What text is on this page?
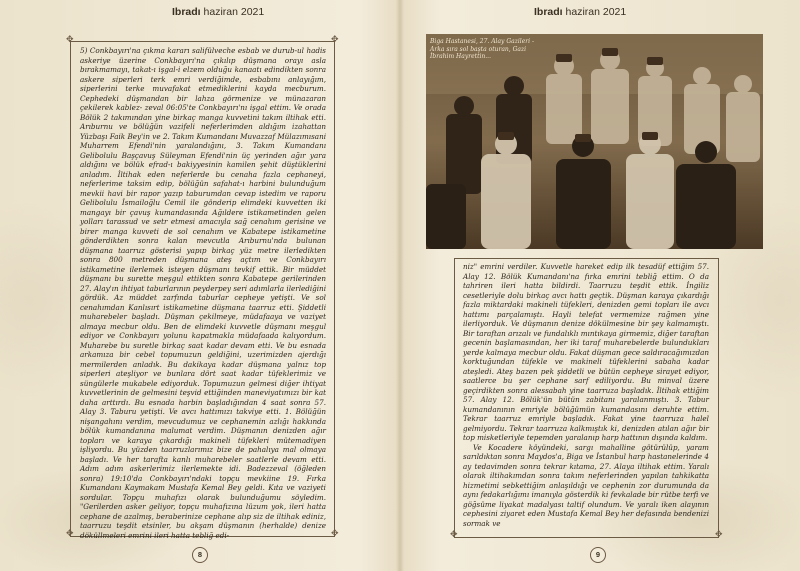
Ibradı haziran 2021	Ibradı haziran 2021
✥	✥
✥	✥

5) Conkbayırı'na çıkma kararı salifülveche esbab ve durub-ul hadis askeriye üzerine Conkbayırı'na çıkılıp düşmana orayı asla bırakmamayı, takat-ı işgal-i elzem olduğu kanaatı edindikten sonra askere siperleri terk emri verdiğimde, esbabını anlayığım, siperlerini terke muvafakat etmediklerini kayda mecburum. Cephedeki düşmandan bir lahza görmenize ve münazaran çekilerek kablez- zeval 06:05'te Conkbayırı'nı işgal ettim. Ve orada Bölük 2 takımından yine birkaç manga kuvvetini takım iltihak etti. Arıburnu ve bölüğün vazifeli neferlerimden aldığım izahattan Yüzbaşı Faik Bey'in ve 2. Takım Kumandanı Muvazzaf Mülazımısani Muharrem Efendi'nin yaralandığını, 3. Takım Kumandanı Gelibolulu Başçavuş Süleyman Efendi'nin üç yerinden ağır yara aldığını ve bölük efrad-ı bakiyyesinin kamilen şehit düştüklerini anladım. İltihak eden neferlerde bu cenaha fazla cephaneyi, neferlerime taksim edip, bölüğün safahat-ı harbini bulunduğum mevkii havi bir rapor yazıp taburumdan cevap istedim ve raporu Gelibolulu İsmailoğlu Cemil ile gönderip elimdeki kuvvetten iki mangayı bir çavuş kumandasında Ağıldere istikametinden gelen yolları tarassud ve setr etmesi amacıyla sağ cenahım gerisine ve birer manga kuvveti de sol cenahım ve Kabatepe istikametine gönderdikten sonra kalan mevcutla Arıburnu'nda bulunan düşmana taarruz gösterisi yapıp birkaç yüz metre ilerledikten sonra 800 metreden düşmana ateş açtım ve Conkbayırı istikametine ilerlemek isteyen düşmanı tevkif ettik. Bir müddet düşmanı bu surette meşgul ettikten sonra Kabatepe gerilerinden 27. Alay'ın ihtiyat taburlarının peyderpey seri adımlarla ilerlediğini gördük. Az müddet zarfında taburlar cepheye yetişti. Ve sol cenahımdan Kanlısırt istikametine düşmana taarruz etti. Şiddetli muharebeler başladı. Düşman çekilmeye, müdafaaya ve vaziyet almaya mecbur oldu. Ben de elimdeki kuvvetle düşmanı meşgul ediyor ve Conkbayırı yolunu kapatmakla müdafaada kalıyordum. Muharebe bu suretle birkaç saat kadar devam etti. Ve bu esnada arkamıza bir cebel topumuzun geldiğini, uzerimizden ajerdığı mermilerden anladık. Bu dakikaya kadar düşmana yalnız top siperleri ateşliyor ve bunlara dört saat kadar tüfeklerimiz ve süngülerle mukabele ediyorduk. Topumuzun gelmesi diğer ihtiyat kuvvetlerinin de gelmesini teşvid ettiğinden maneviyatımızı bir kat daha arttırdı. Bu esnada harbin başladığından 4 saat sonra 57. Alay 3. Taburu yetişti. Ve avcı hattımızı takviye etti. 1. Bölüğün nişangahını verdim, mevcudumuz ve cephanemin azlığı hakkında bölük kumandanına malumat verdim. Düşmanın denizden ağır topları ve karaya çıkardığı makineli tüfekleri mütemadiyen işliyordu. Bu yüzden taarruzlarımız bize de pahalıya mal olmaya başladı. Ve her tarafta kanlı muharebeler saatlerle devam etti. Adım adım askerlerimiz ilerlemekte idi. Badezzeval (öğleden sonra) 19:10'da Conkbayırı'ndaki topçu mevkiine 19. Fırka Kumandanı Kaymakam Mustafa Kemal Bey geldi. Kıta ve vaziyeti sordular. Topçu muhafızı olarak bulunduğumu söyledim. "Gerilerden asker geliyor, topçu muhafızına lüzum yok, ileri hatta cephane de azalmış, beraberinize cephane alıp siz de iltihak ediniz, taarruzu teşdit etsinler, bu akşam düşmanın (herhalde) denize döküllmeleri emrini ileri hatta tebliğ edi-

8

Biga Hastanesi, 27. Alay Gazileri -

Arka sıra sol başta oturan, Gazi

İbrahim Hayrettin...

✥	✥

niz" emrini verdiler. Kuvvetle hareket edip ilk tesadüf ettiğim 57. Alay 12. Bölük Kumandanı'na fırka emrini tebliğ ettim. O da tahriren ileri hatta bildirdi. Taarruzu teşdit ettik. İngiliz cesetleriyle dolu birkaç avcı hattı geçtik. Düşman karaya çıkardığı fazla miktardaki makineli tüfekleri, denizden gemi topları ile avcı hattımı parçalamıştı. Hayli telefat vermemize rağmen yine ilerliyorduk. Ve düşmanın denize dökülmesine bir şey kalmamıştı. Bir taraftan arızalı ve fundalıklı mıntıkaya girmemiz, diğer taraftan gecenin başlamasından, her iki taraf muharebelerde bulundukları yerde kalmaya mecbur oldu. Fakat düşman gece saldıracağımızdan korktuğundan tüfekle ve makineli tüfeklerini sabaha kadar ateşledi. Ateş bazen pek şiddetli ve bütün cepheye sirayet ediyor, saatlerce bu şer cephane sarf ediliyordu. Bu minval üzere geçirdikten sonra alessabah yine taarruza başladık. İltihak ettiğim 57. Alay 12. Bölük'ün bütün zabitanı yaralanmıştı. 3. Tabur kumandanının emriyle bölüğümün kumandasını deruhte ettim. Tekrar taarruz emriyle başladık. Fakat yine taarruza halel gelmiyordu. Tekrar taarruza kalkmıştık ki, denizden atılan ağır bir top misketleriyle tepemden yaralanıp harp hattının dışında kaldım.

Ve Kocadere köyündeki, sargı mahalline götürülüp, yaram sarıldıktan sonra Maydos'a, Biga ve İstanbul harp hastanelerinde 4 ay tedavimden sonra tekrar kıtama, 27. Alaya iltihak ettim. Yaralı olarak iltihakımdan sonra takım neferlerinden yapılan tahkikatta hizmetimi sebkettiğim anlaşıldığı ve cephenin zor durumunda da aynı fedakarlığımı imanıyla gösterdik ki fevkalade bir rütbe terfi ve göğsüme liyakat madalyası taltif olundum. Ve yaralı iken alayının cephesini ziyaret eden Mustafa Kemal Bey her defasında bendenizi sormak ve

9
